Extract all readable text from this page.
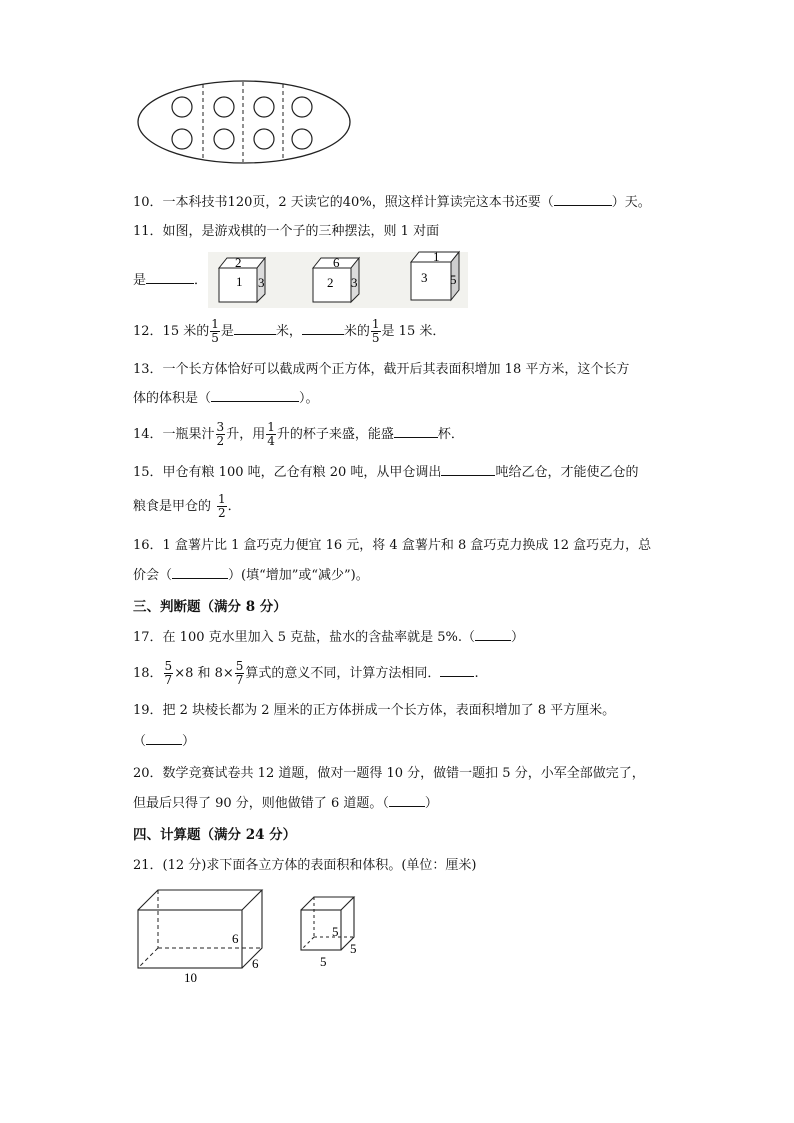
10．一本科技书120页，2 天读它的40%，照这样计算读完这本书还要（	）天。
11．如图，是游戏棋的一个子的三种摆法，则 1 对面
是	．
2
1 3
6
2 3
1
3 5
12．15 米的 $\frac{1}{5}$ 是	米，	米的 $\frac{1}{5}$ 是 15 米．
13．一个长方体恰好可以截成两个正方体，截开后其表面积增加 18 平方米，这个长方
体的体积是（	）。
14．一瓶果汁 $\frac{3}{2}$ 升，用 $\frac{1}{4}$ 升的杯子来盛，能盛	杯．
15．甲仓有粮 100 吨，乙仓有粮 20 吨，从甲仓调出	吨给乙仓，才能使乙仓的
粮食是甲仓的 $\frac{1}{2}$ ．
16．1 盒薯片比 1 盒巧克力便宜 16 元，将 4 盒薯片和 8 盒巧克力换成 12 盒巧克力，总
价会（	）(填“增加”或“减少”)。
三、判断题（满分 8 分）
17．在 100 克水里加入 5 克盐，盐水的含盐率就是 5%.（	）
18． $\frac{5}{7} \times 8$ 和 $8\times \frac{5}{7}$ 算式的意义不同，计算方法相同．	.
19．把 2 块棱长都为 2 厘米的正方体拼成一个长方体，表面积增加了 8 平方厘米。
（	）
20．数学竞赛试卷共 12 道题，做对一题得 10 分，做错一题扣 5 分，小军全部做完了，
但最后只得了 90 分，则他做错了 6 道题。（	）
四、计算题（满分 24 分）
21．(12 分)求下面各立方体的表面积和体积。(单位：厘米)
10
6
6	5
5
5
